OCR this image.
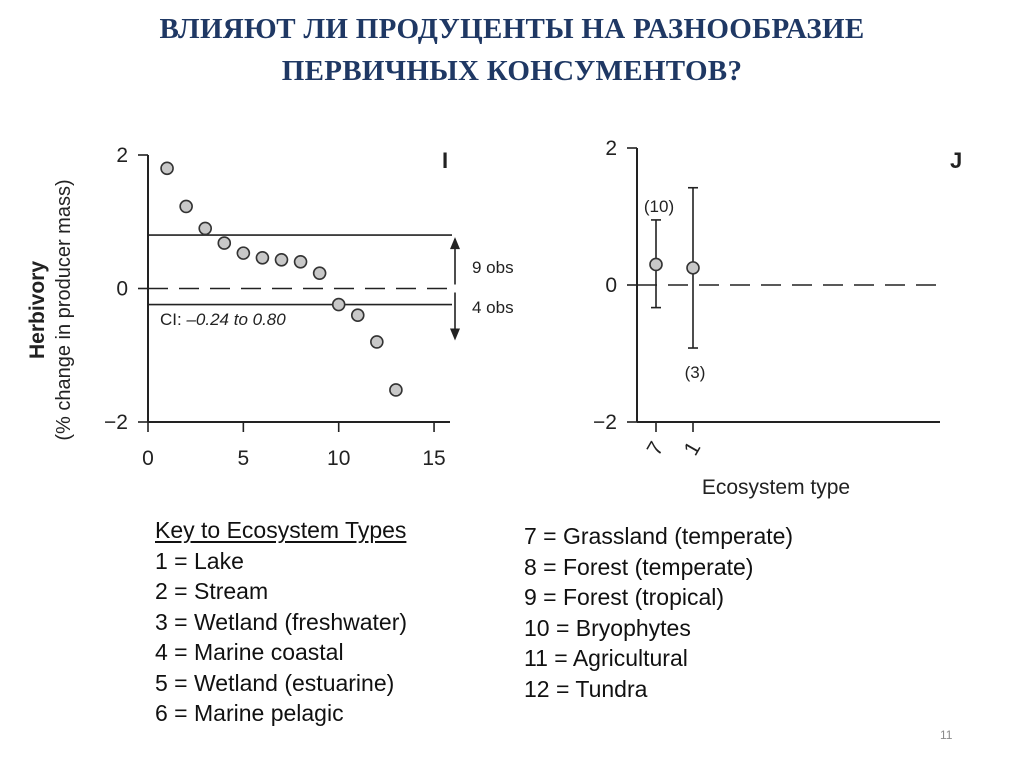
ВЛИЯЮТ ЛИ ПРОДУЦЕНТЫ НА РАЗНООБРАЗИЕ
ПЕРВИЧНЫХ КОНСУМЕНТОВ?
Herbivory (% change in producer mass)
I
−2
0
2
0	5	10	15
CI: –0.24 to 0.80
9 obs
4 obs
J
−2
0
2
7 1
(10)
(3)
Ecosystem type
Key to Ecosystem Types
1 = Lake
2 = Stream
3 = Wetland (freshwater)
4 = Marine coastal
5 = Wetland (estuarine)
6 = Marine pelagic
7 = Grassland (temperate)
8 = Forest (temperate)
9 = Forest (tropical)
10 = Bryophytes
11 = Agricultural
12 = Tundra
11
